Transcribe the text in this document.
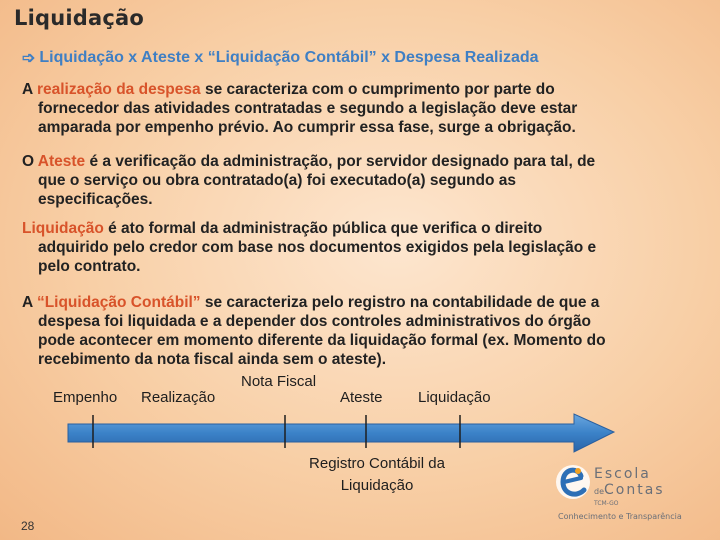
Liquidação
➩ Liquidação x Ateste x “Liquidação Contábil” x Despesa Realizada
A realização da despesa se caracteriza com o cumprimento por parte do
fornecedor das atividades contratadas e segundo a legislação deve estar
amparada por empenho prévio. Ao cumprir essa fase, surge a obrigação.
O Ateste é a verificação da administração, por servidor designado para tal, de
que o serviço ou obra contratado(a) foi executado(a) segundo as
especificações.
Liquidação é ato formal da administração pública que verifica o direito
adquirido pelo credor com base nos documentos exigidos pela legislação e
pelo contrato.
A “Liquidação Contábil” se caracteriza pelo registro na contabilidade de que a
despesa foi liquidada e a depender dos controles administrativos do órgão
pode acontecer em momento diferente da liquidação formal (ex. Momento do
recebimento da nota fiscal ainda sem o ateste).
Empenho Realização
Nota Fiscal
Ateste Liquidação
Registro Contábil da
Liquidação
28
Escola
deContas
TCM-GO
Conhecimento e Transparência
